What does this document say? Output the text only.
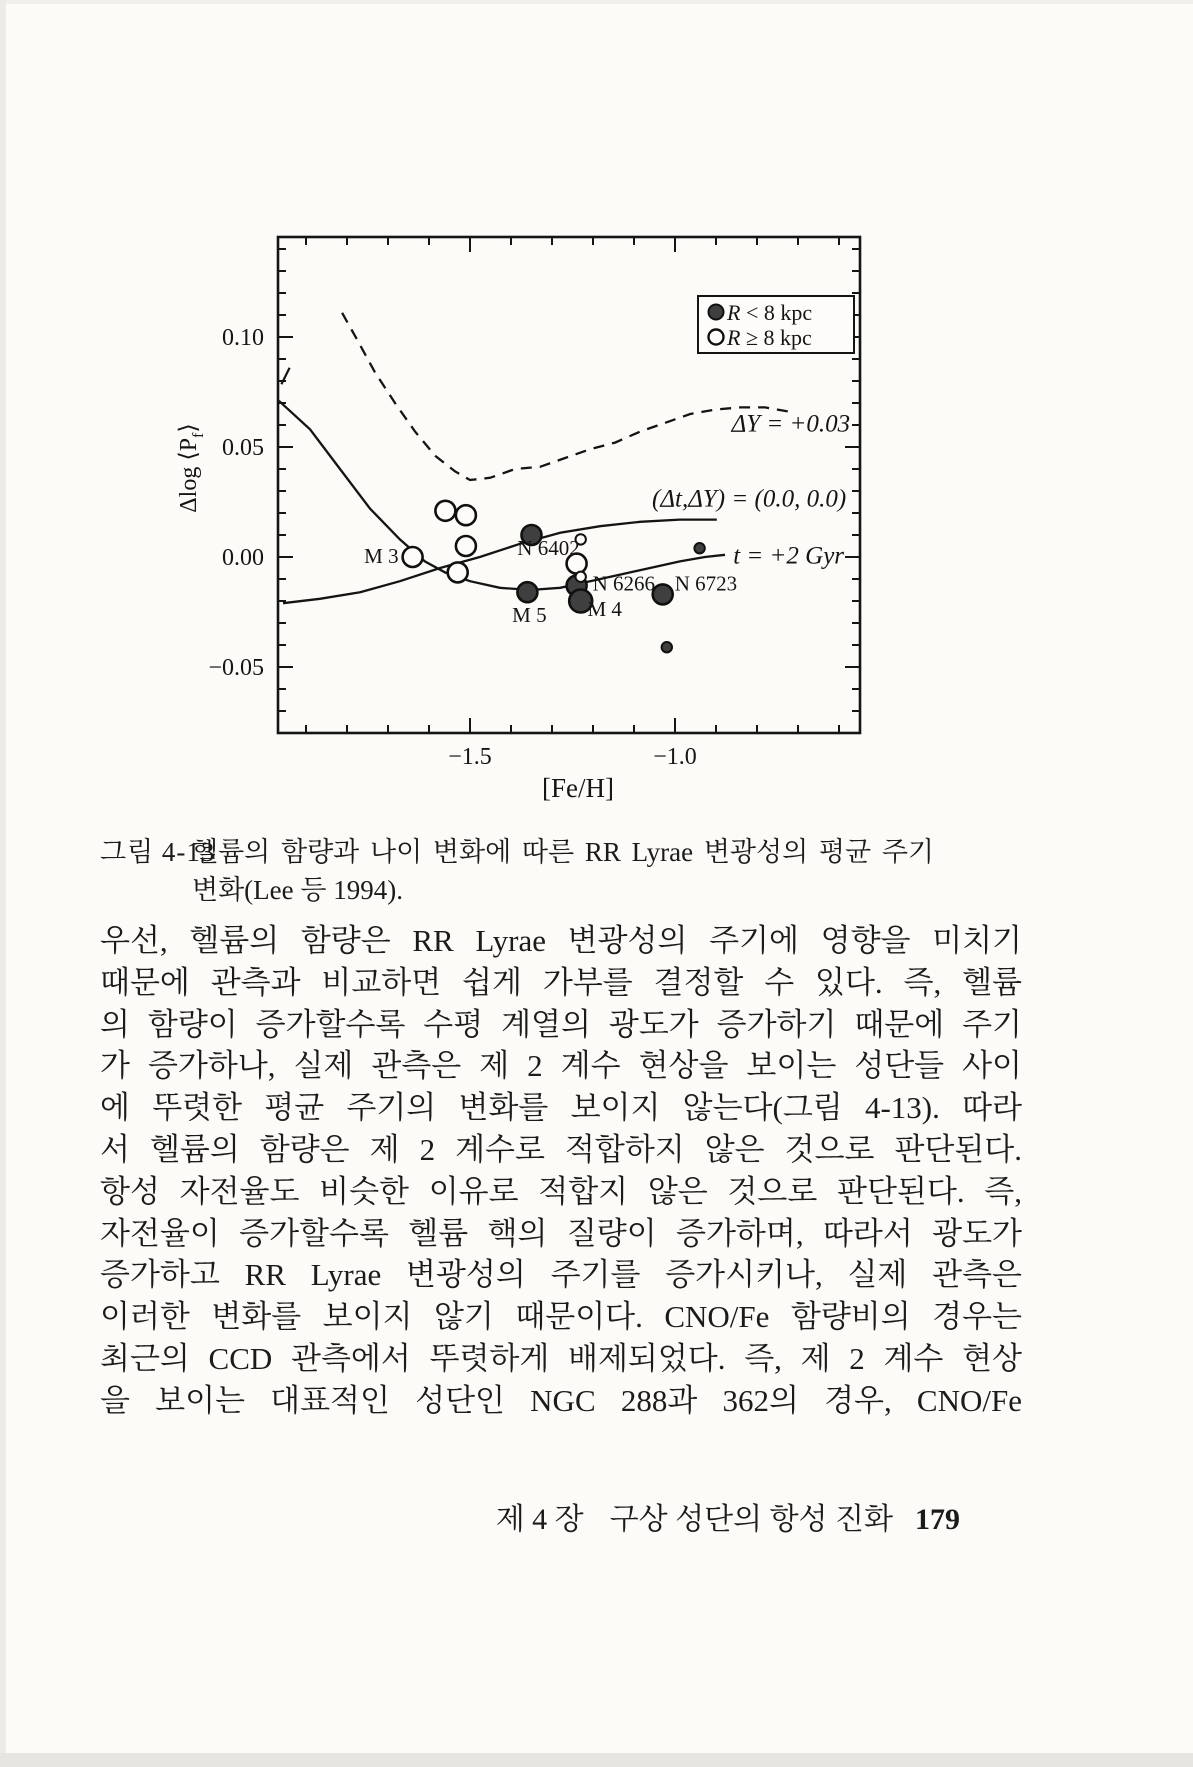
−1.5	−1.0
−0.05
0.00
0.05
0.10
N 6402
M 5
N 6266
M 4
N 6723
M 3
ΔY = +0.03
(Δt,ΔY) = (0.0, 0.0)
t = +2 Gyr
[Fe/H]
Δlog $⟨P_f⟩$
R < 8 kpc
R ≥ 8 kpc
그림 4-13
헬륨의 함량과 나이 변화에 따른 RR Lyrae 변광성의 평균 주기
변화(Lee 등 1994).
우선, 헬륨의 함량은 RR Lyrae 변광성의 주기에 영향을 미치기
때문에 관측과 비교하면 쉽게 가부를 결정할 수 있다. 즉, 헬륨
의 함량이 증가할수록 수평 계열의 광도가 증가하기 때문에 주기
가 증가하나, 실제 관측은 제 2 계수 현상을 보이는 성단들 사이
에 뚜렷한 평균 주기의 변화를 보이지 않는다(그림 4-13). 따라
서 헬륨의 함량은 제 2 계수로 적합하지 않은 것으로 판단된다.
항성 자전율도 비슷한 이유로 적합지 않은 것으로 판단된다. 즉,
자전율이 증가할수록 헬륨 핵의 질량이 증가하며, 따라서 광도가
증가하고 RR Lyrae 변광성의 주기를 증가시키나, 실제 관측은
이러한 변화를 보이지 않기 때문이다. CNO/Fe 함량비의 경우는
최근의 CCD 관측에서 뚜렷하게 배제되었다. 즉, 제 2 계수 현상
을 보이는 대표적인 성단인 NGC 288과 362의 경우, CNO/Fe
제 4 장 구상 성단의 항성 진화 179
